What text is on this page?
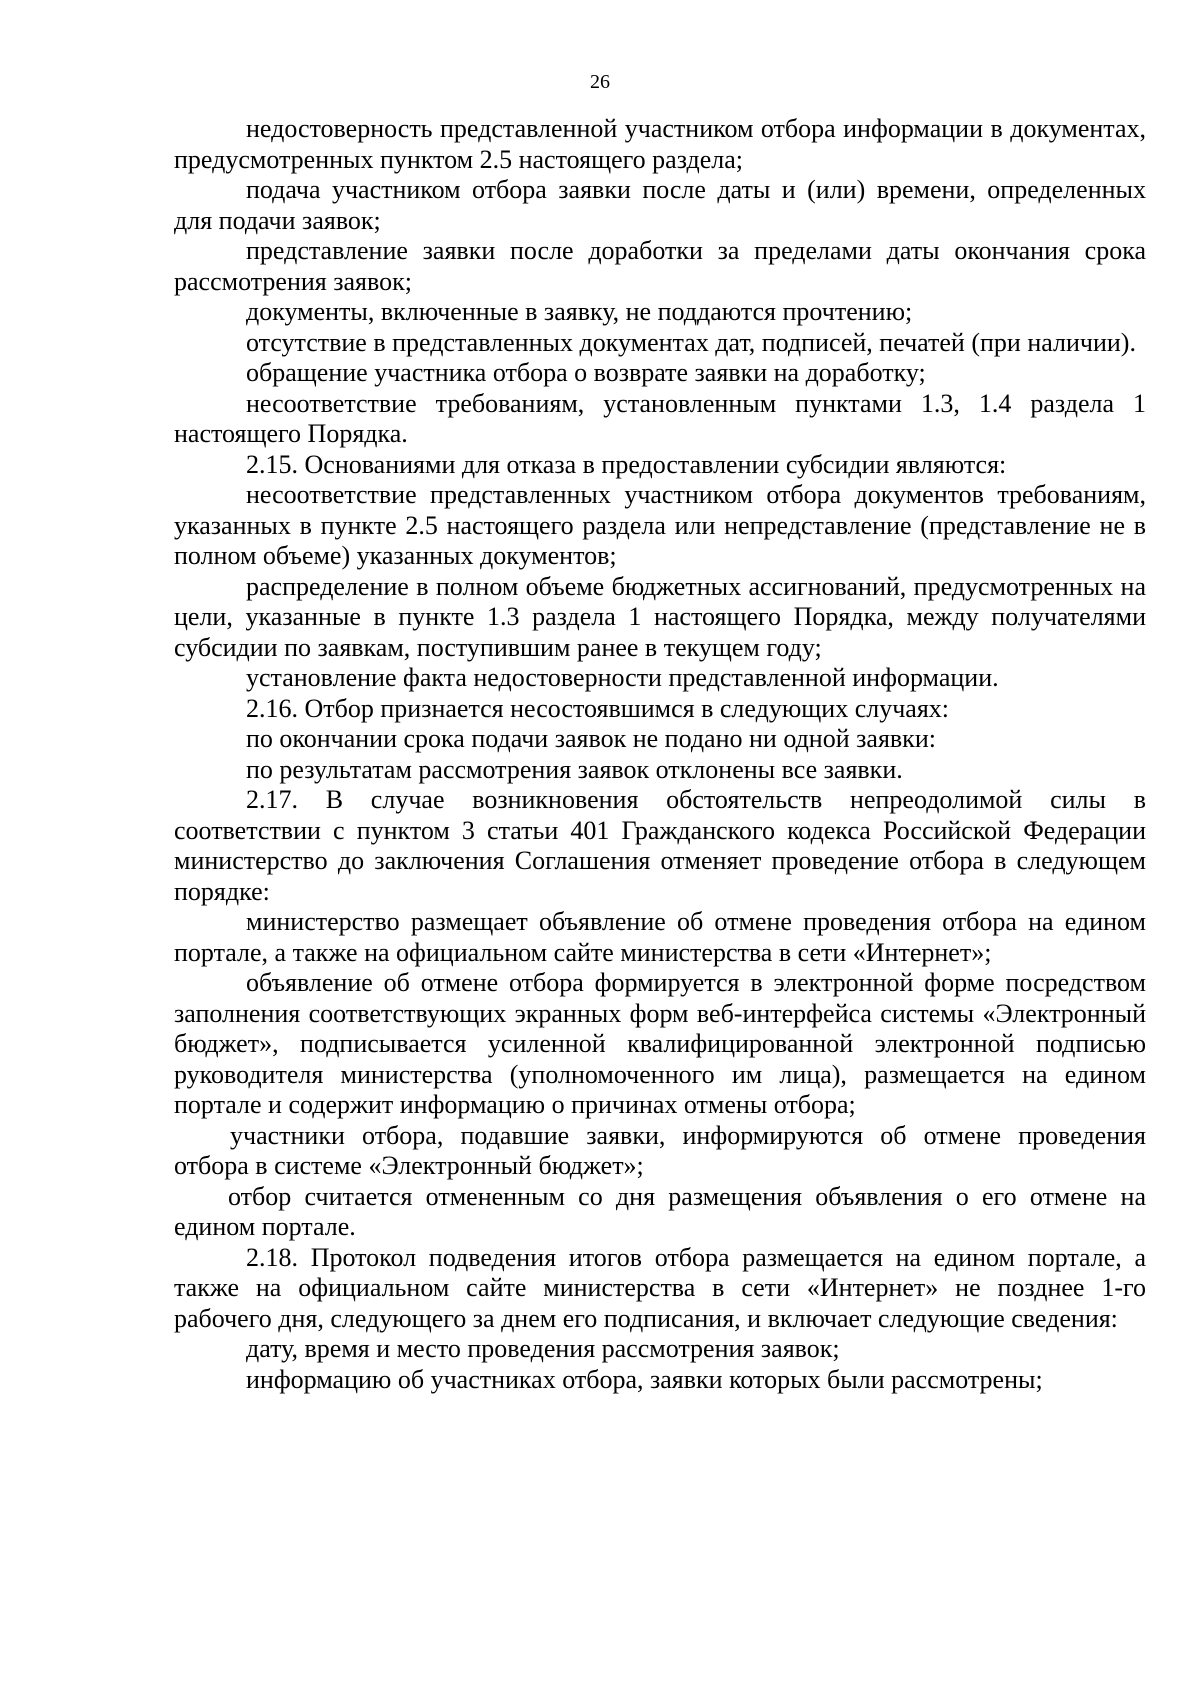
26

недостоверность представленной участником отбора информации в документах, предусмотренных пунктом 2.5 настоящего раздела;

подача участником отбора заявки после даты и (или) времени, определенных для подачи заявок;

представление заявки после доработки за пределами даты окончания срока рассмотрения заявок;

документы, включенные в заявку, не поддаются прочтению;

отсутствие в представленных документах дат, подписей, печатей (при наличии).

обращение участника отбора о возврате заявки на доработку;

несоответствие требованиям, установленным пунктами 1.3, 1.4 раздела 1 настоящего Порядка.

2.15. Основаниями для отказа в предоставлении субсидии являются:

несоответствие представленных участником отбора документов требованиям, указанных в пункте 2.5 настоящего раздела или непредставление (представление не в полном объеме) указанных документов;

распределение в полном объеме бюджетных ассигнований, предусмотренных на цели, указанные в пункте 1.3 раздела 1 настоящего Порядка, между получателями субсидии по заявкам, поступившим ранее в текущем году;

установление факта недостоверности представленной информации.

2.16. Отбор признается несостоявшимся в следующих случаях:

по окончании срока подачи заявок не подано ни одной заявки:

по результатам рассмотрения заявок отклонены все заявки.

2.17. В случае возникновения обстоятельств непреодолимой силы в соответствии с пунктом 3 статьи 401 Гражданского кодекса Российской Федерации министерство до заключения Соглашения отменяет проведение отбора в следующем порядке:

министерство размещает объявление об отмене проведения отбора на едином портале, а также на официальном сайте министерства в сети «Интернет»;

объявление об отмене отбора формируется в электронной форме посредством заполнения соответствующих экранных форм веб-интерфейса системы «Электронный бюджет», подписывается усиленной квалифицированной электронной подписью руководителя министерства (уполномоченного им лица), размещается на едином портале и содержит информацию о причинах отмены отбора;

участники отбора, подавшие заявки, информируются об отмене проведения отбора в системе «Электронный бюджет»;

отбор считается отмененным со дня размещения объявления о его отмене на едином портале.

2.18. Протокол подведения итогов отбора размещается на едином портале, а также на официальном сайте министерства в сети «Интернет» не позднее 1-го рабочего дня, следующего за днем его подписания, и включает следующие сведения:

дату, время и место проведения рассмотрения заявок;

информацию об участниках отбора, заявки которых были рассмотрены;
